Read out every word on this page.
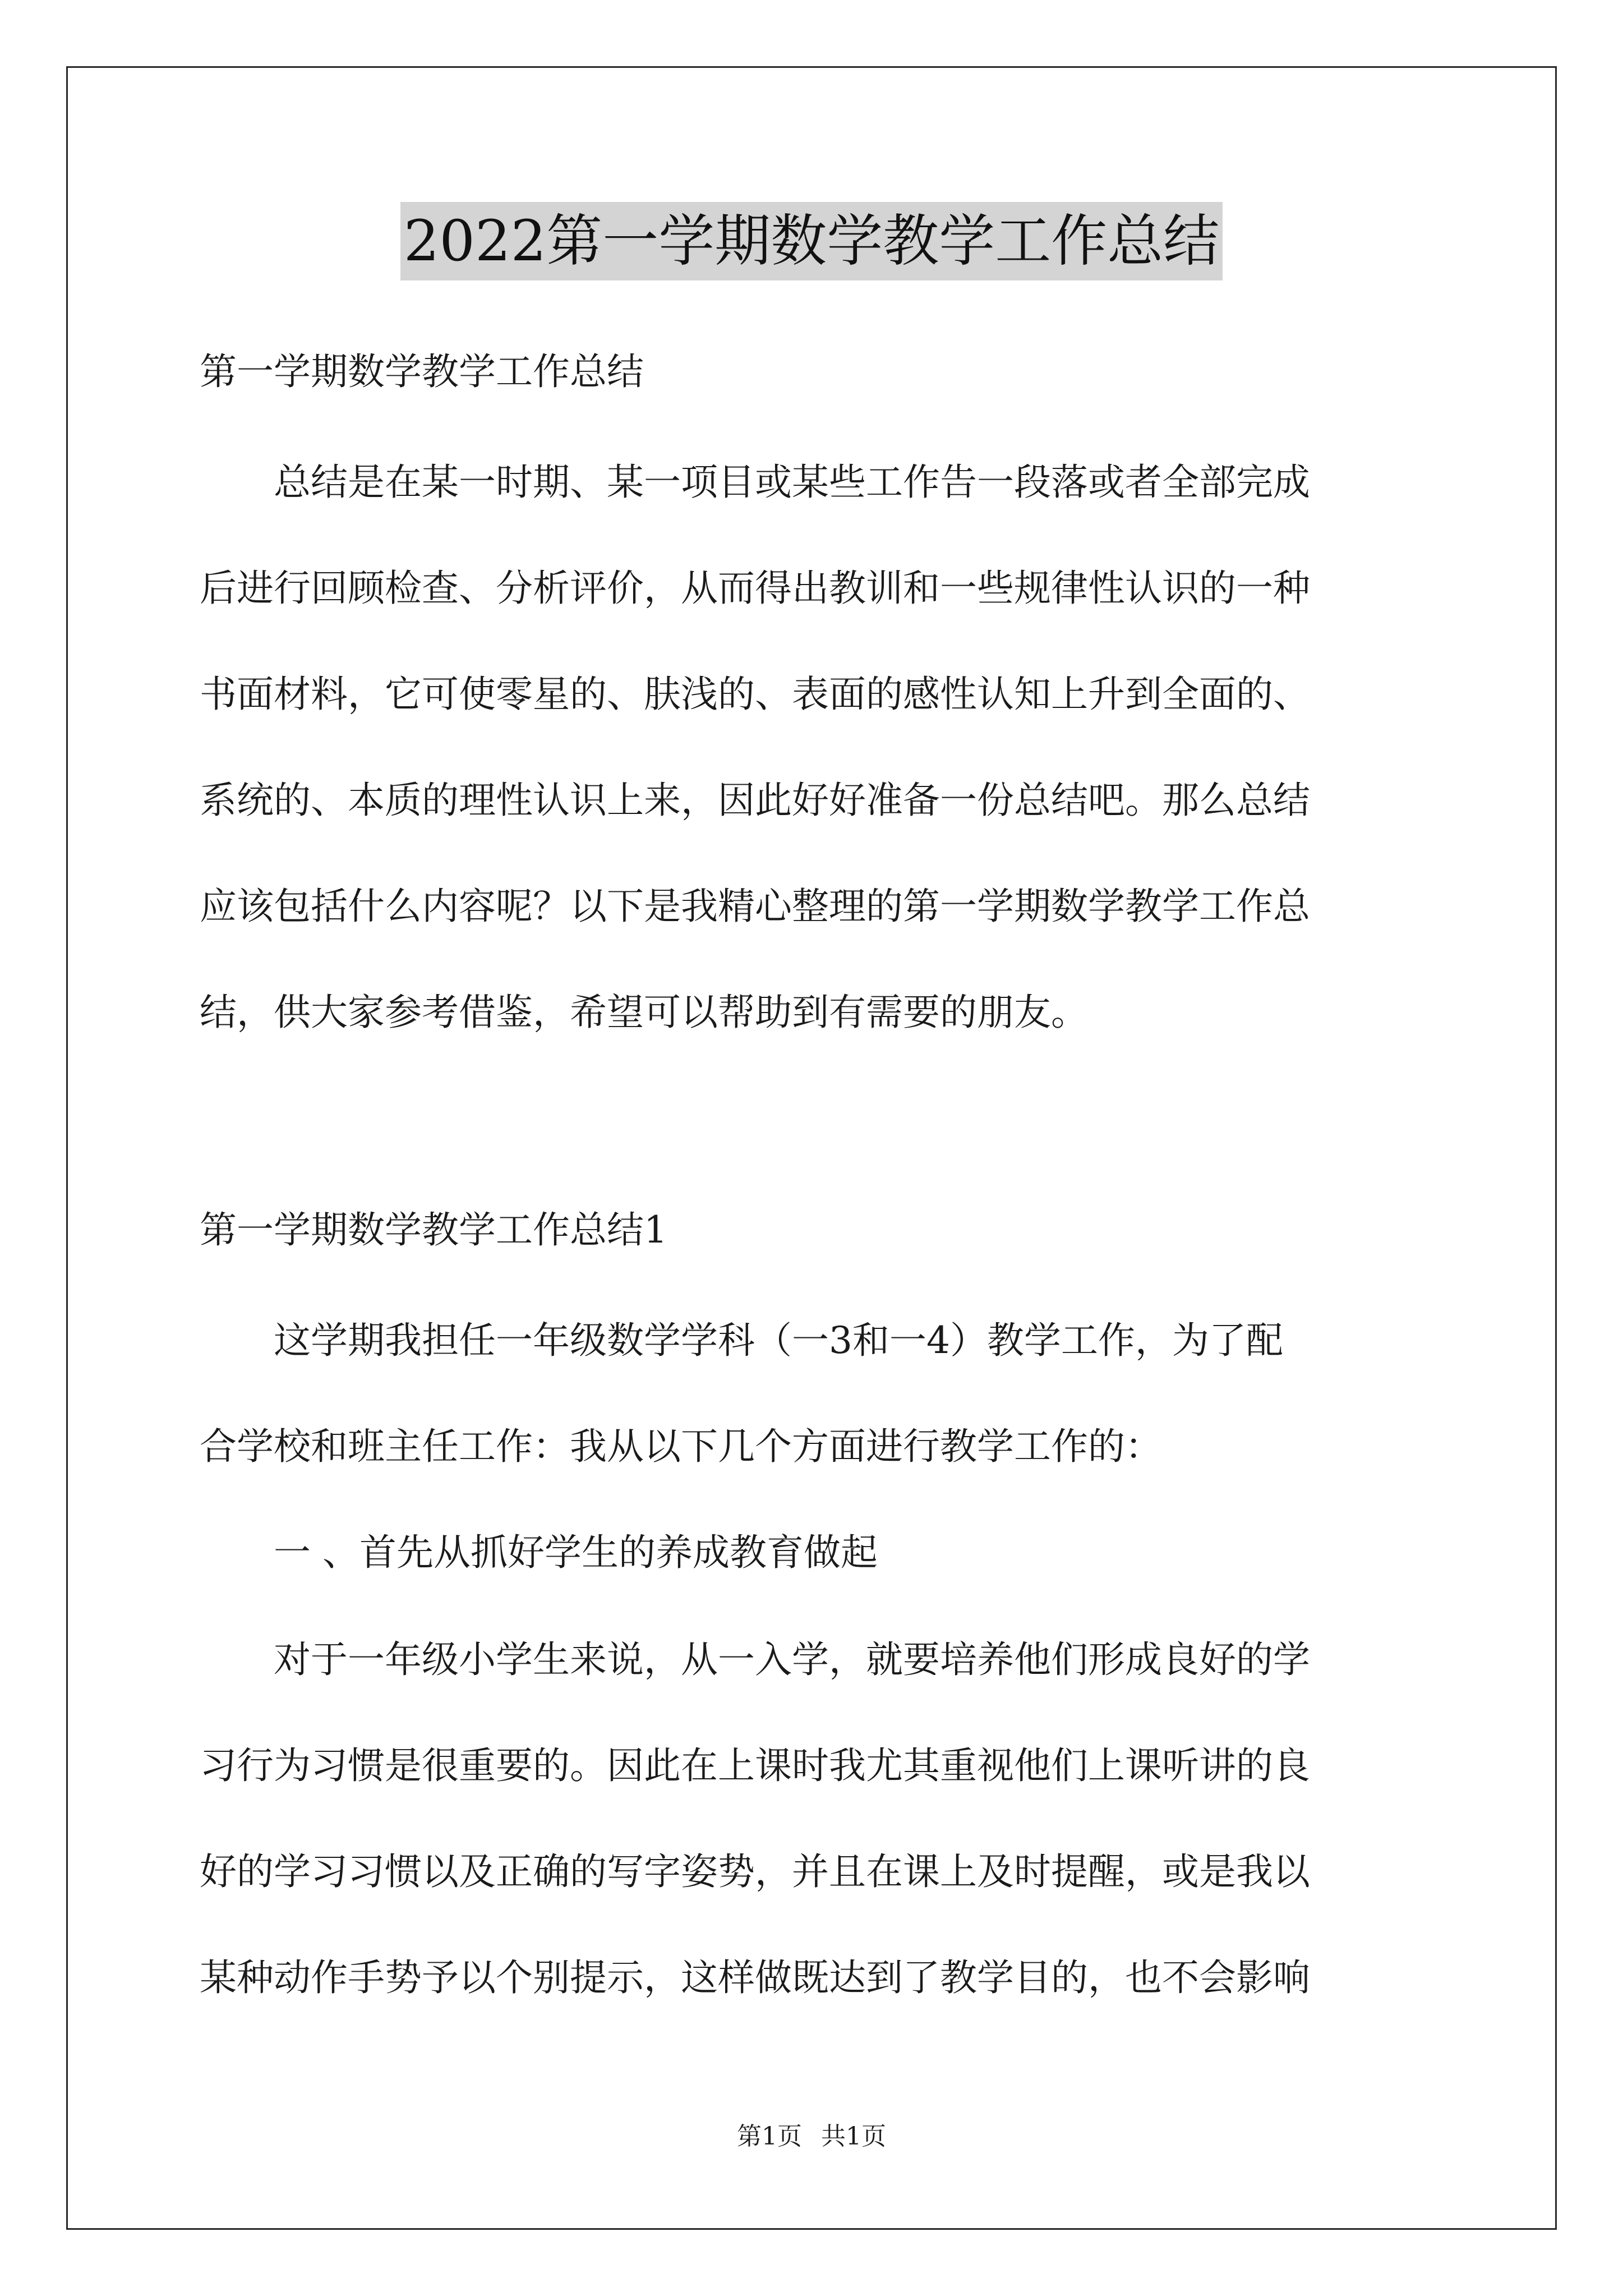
2022第一学期数学教学工作总结

第一学期数学教学工作总结

　　总结是在某一时期、某一项目或某些工作告一段落或者全部完成

后进行回顾检查、分析评价，从而得出教训和一些规律性认识的一种

书面材料，它可使零星的、肤浅的、表面的感性认知上升到全面的、

系统的、本质的理性认识上来，因此好好准备一份总结吧。那么总结

应该包括什么内容呢？以下是我精心整理的第一学期数学教学工作总

结，供大家参考借鉴，希望可以帮助到有需要的朋友。

第一学期数学教学工作总结1

　　这学期我担任一年级数学学科（一3和一4）教学工作，为了配

合学校和班主任工作：我从以下几个方面进行教学工作的：

　　一 、首先从抓好学生的养成教育做起

　　对于一年级小学生来说，从一入学，就要培养他们形成良好的学

习行为习惯是很重要的。因此在上课时我尤其重视他们上课听讲的良

好的学习习惯以及正确的写字姿势，并且在课上及时提醒，或是我以

某种动作手势予以个别提示，这样做既达到了教学目的，也不会影响

第1页 共1页
